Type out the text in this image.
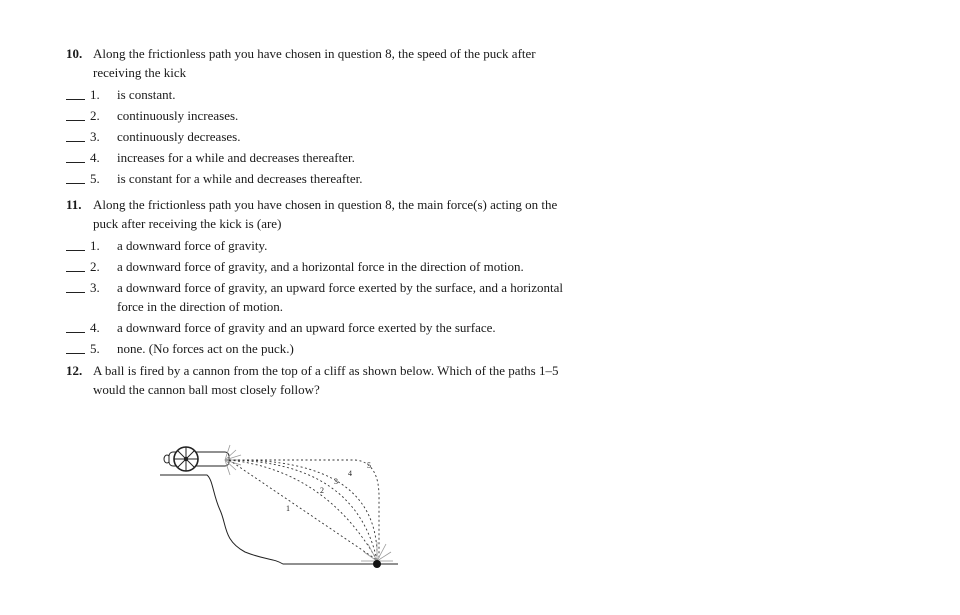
10. Along the frictionless path you have chosen in question 8, the speed of the puck after receiving the kick
1. is constant.
2. continuously increases.
3. continuously decreases.
4. increases for a while and decreases thereafter.
5. is constant for a while and decreases thereafter.
11. Along the frictionless path you have chosen in question 8, the main force(s) acting on the puck after receiving the kick is (are)
1. a downward force of gravity.
2. a downward force of gravity, and a horizontal force in the direction of motion.
3. a downward force of gravity, an upward force exerted by the surface, and a horizontal force in the direction of motion.
4. a downward force of gravity and an upward force exerted by the surface.
5. none. (No forces act on the puck.)
12. A ball is fired by a cannon from the top of a cliff as shown below. Which of the paths 1–5 would the cannon ball most closely follow?
1
2
3
4
5
